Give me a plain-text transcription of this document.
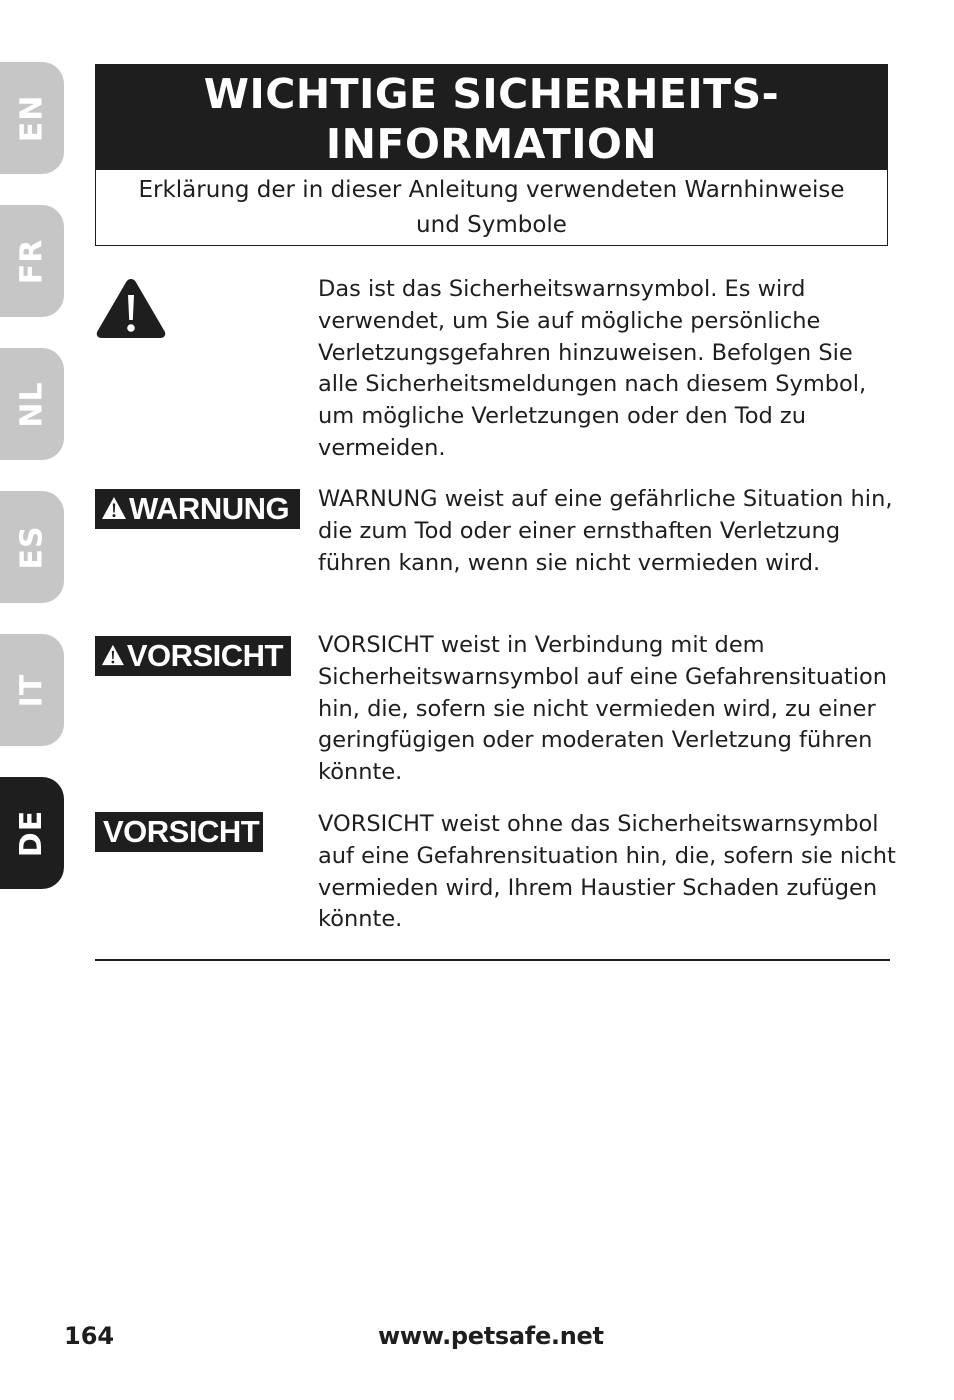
EN
FR
NL
ES
IT
DE
WICHTIGE SICHERHEITS-
INFORMATION
Erklärung der in dieser Anleitung verwendeten Warnhinweise
und Symbole

Das ist das Sicherheitswarnsymbol. Es wird verwendet, um Sie auf mögliche persönliche Verletzungsgefahren hinzuweisen. Befolgen Sie alle Sicherheitsmeldungen nach diesem Symbol, um mögliche Verletzungen oder den Tod zu vermeiden.

WARNUNG WARNUNG weist auf eine gefährliche Situation hin, die zum Tod oder einer ernsthaften Verletzung führen kann, wenn sie nicht vermieden wird.

VORSICHT VORSICHT weist in Verbindung mit dem Sicherheitswarnsymbol auf eine Gefahrensituation hin, die, sofern sie nicht vermieden wird, zu einer geringfügigen oder moderaten Verletzung führen könnte.

VORSICHT	VORSICHT weist ohne das Sicherheitswarnsymbol auf eine Gefahrensituation hin, die, sofern sie nicht vermieden wird, Ihrem Haustier Schaden zufügen könnte.

164	www.petsafe.net
